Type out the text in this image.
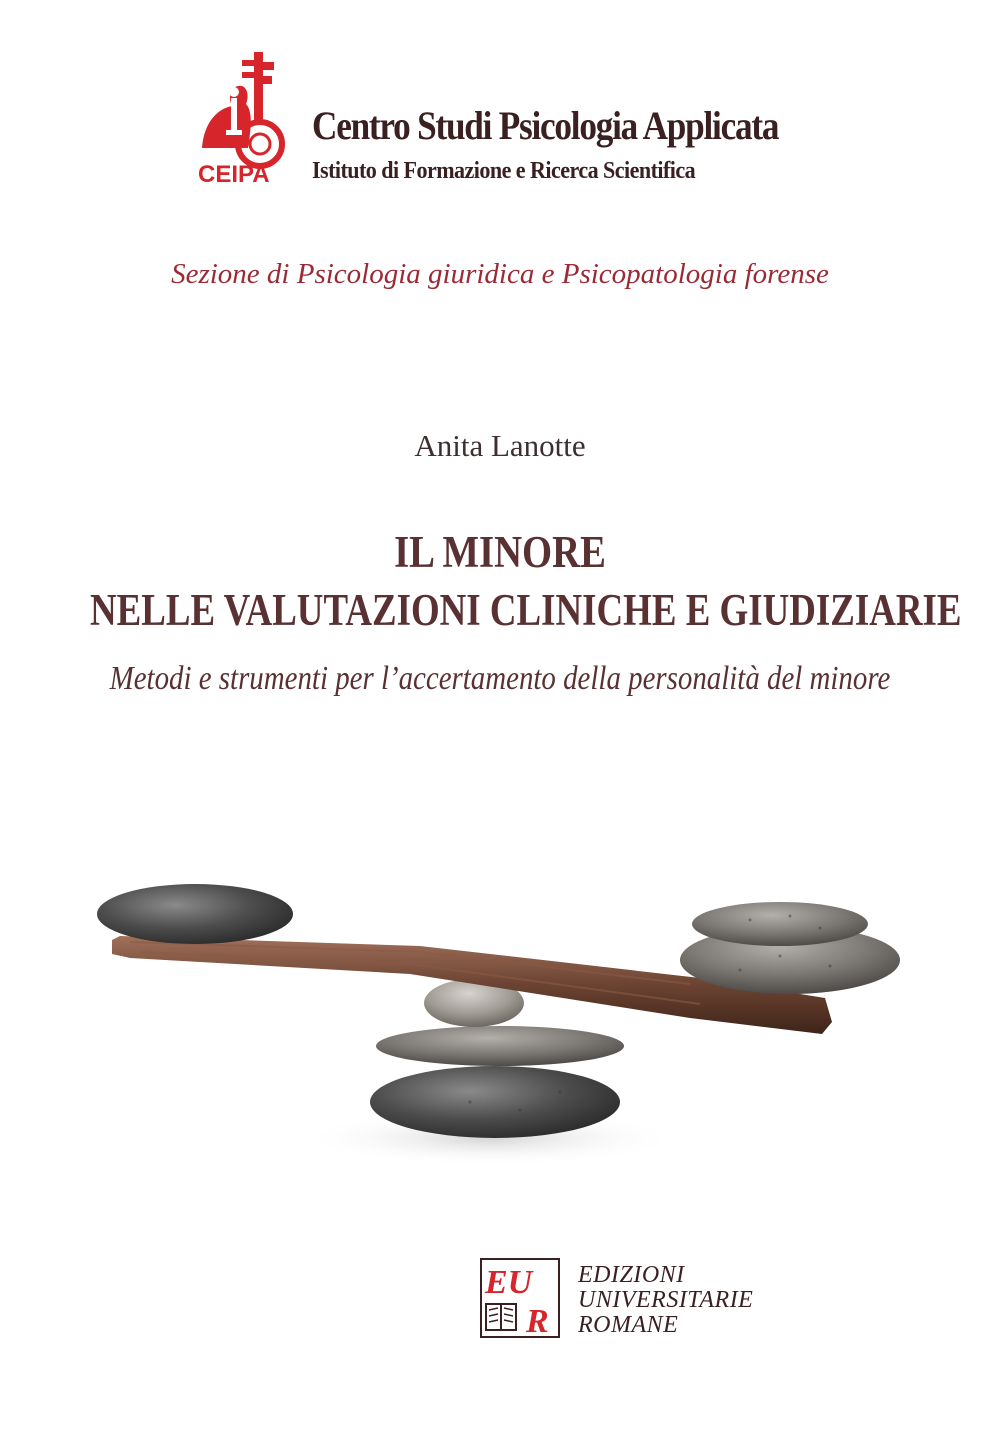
CEIPA
Centro Studi Psicologia Applicata

Istituto di Formazione e Ricerca Scientifica

Sezione di Psicologia giuridica e Psicopatologia forense

Anita Lanotte

IL MINORE
NELLE VALUTAZIONI CLINICHE E GIUDIZIARIE

Metodi e strumenti per l’accertamento della personalità del minore

EU
R

EDIZIONI

UNIVERSITARIE

ROMANE
